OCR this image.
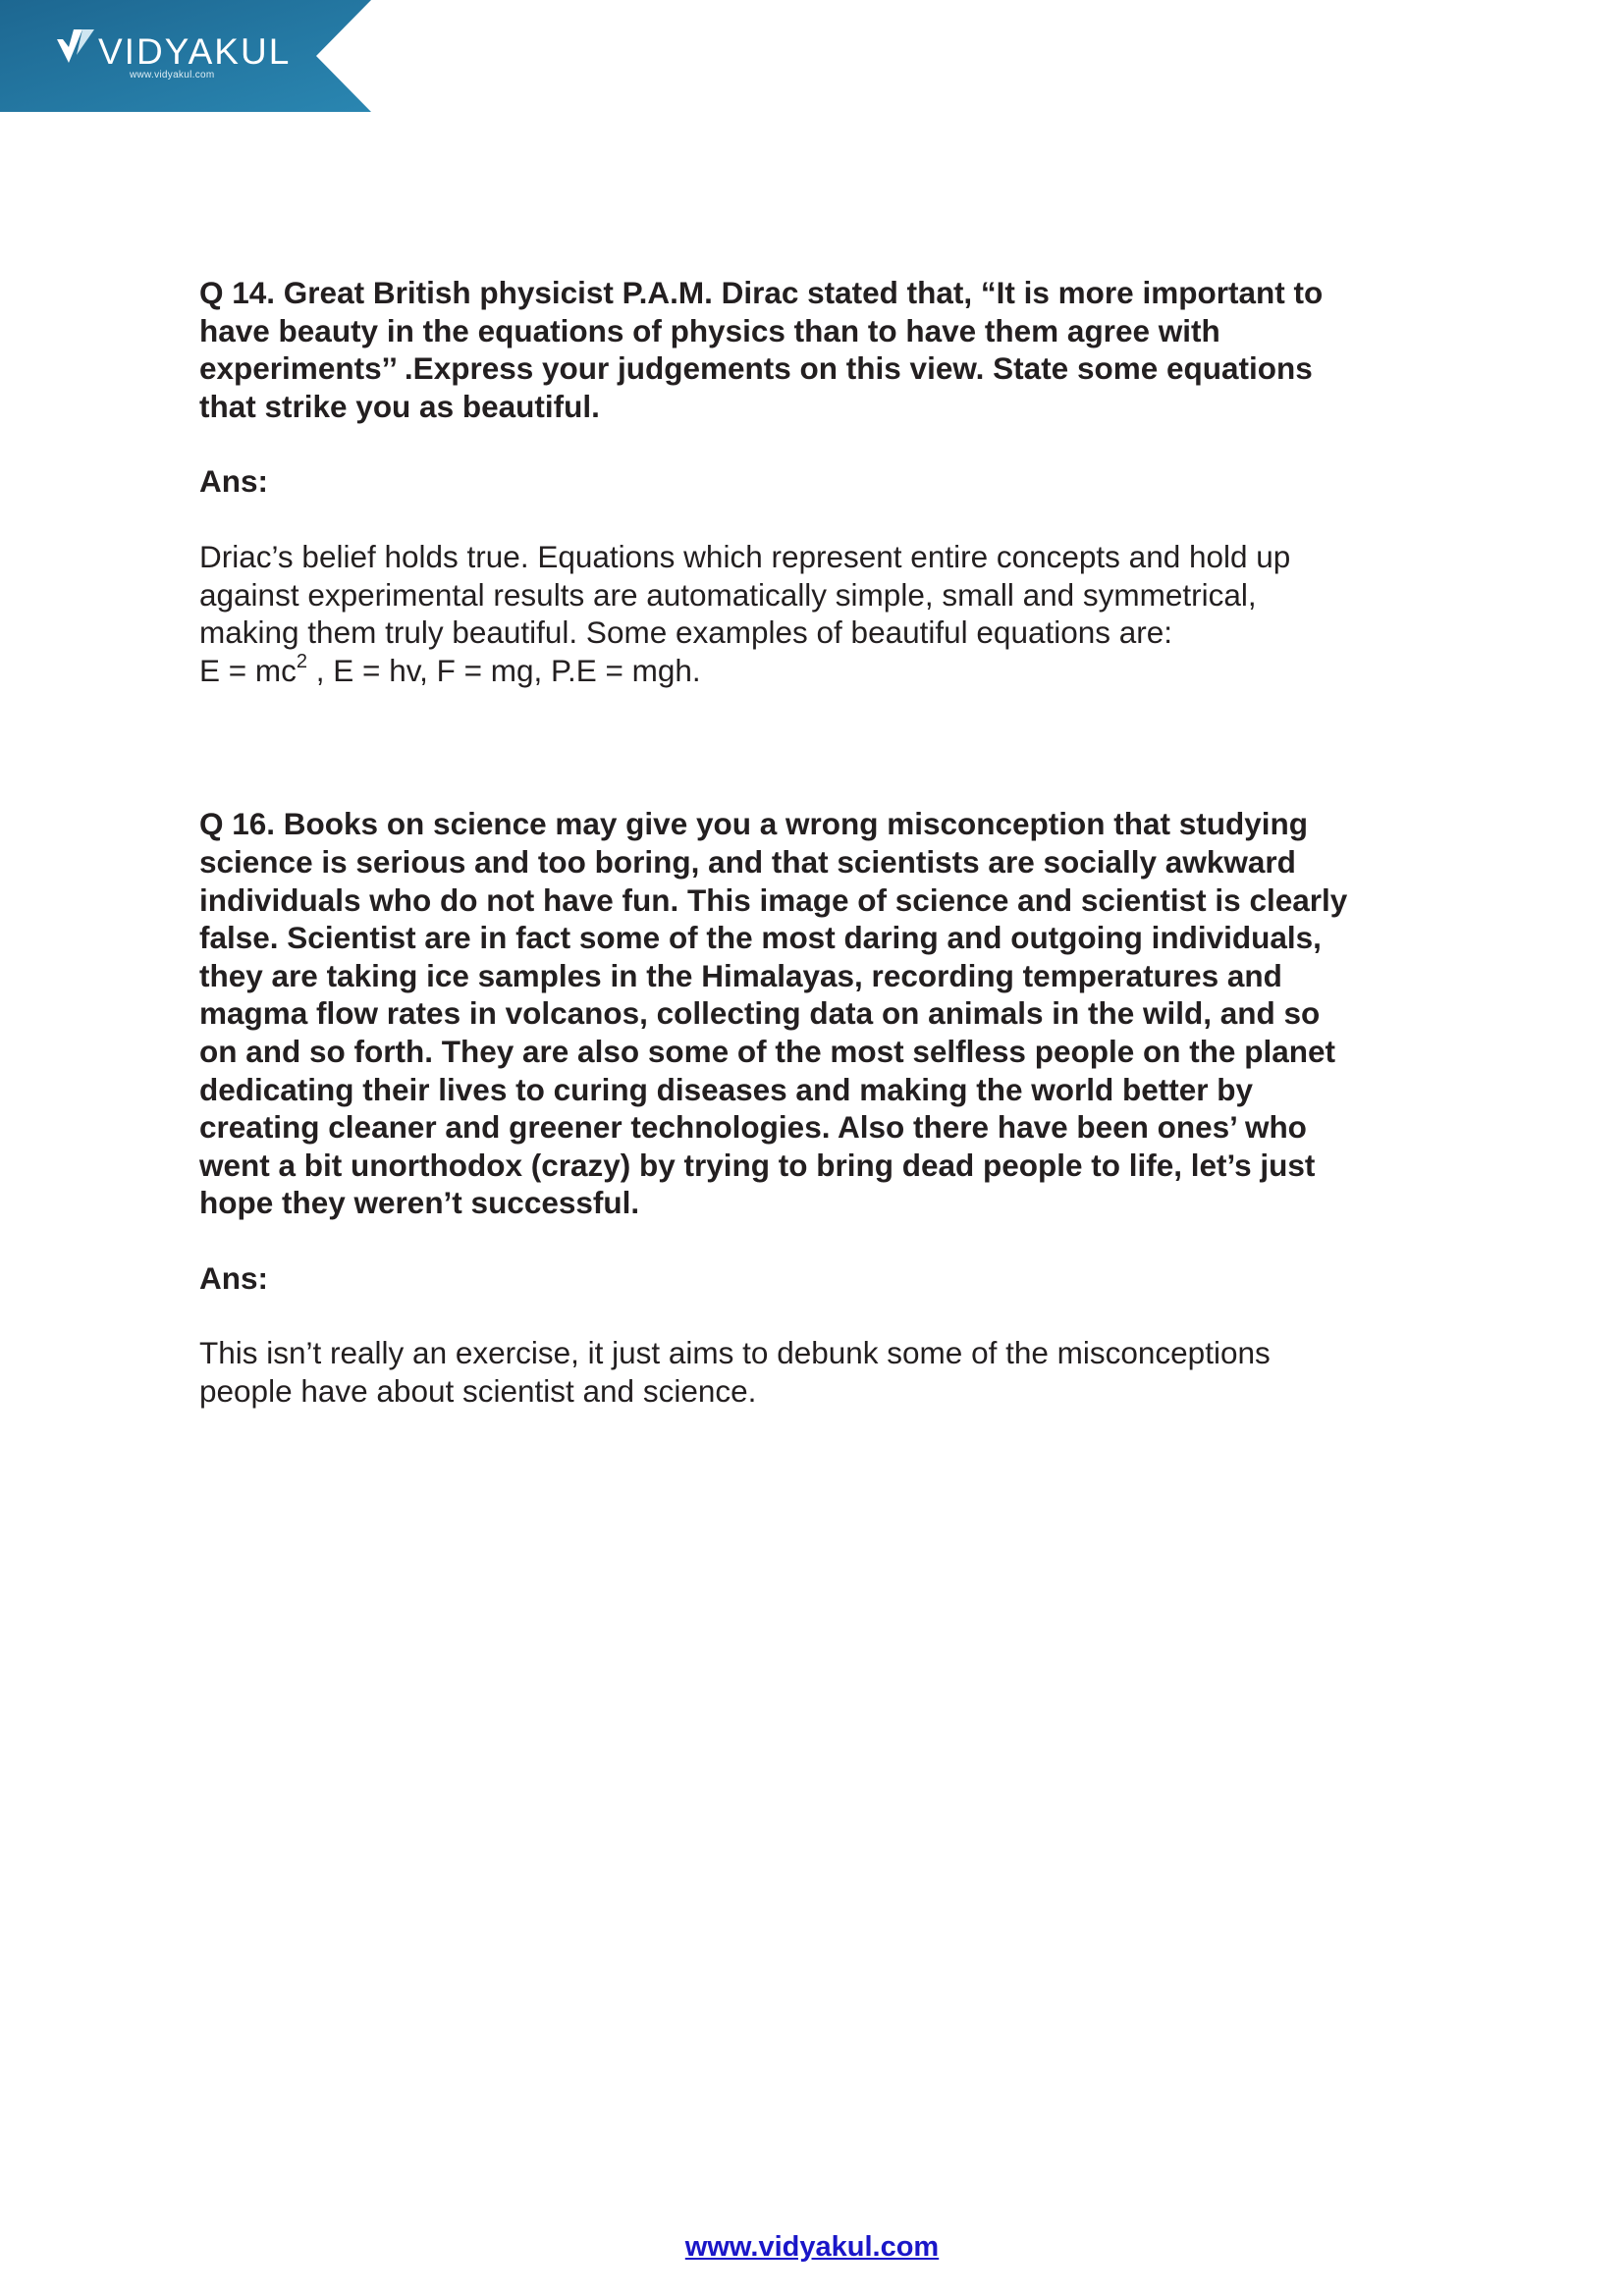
VIDYAKUL
www.vidyakul.com

Q 14. Great British physicist P.A.M. Dirac stated that, “It is more important to
have beauty in the equations of physics than to have them agree with
experiments’’ .Express your judgements on this view. State some equations
that strike you as beautiful.

Ans:

Driac’s belief holds true. Equations which represent entire concepts and hold up
against experimental results are automatically simple, small and symmetrical,
making them truly beautiful. Some examples of beautiful equations are:

$E = mc^2$ , E = hv, F = mg, P.E = mgh.

Q 16. Books on science may give you a wrong misconception that studying
science is serious and too boring, and that scientists are socially awkward
individuals who do not have fun. This image of science and scientist is clearly
false. Scientist are in fact some of the most daring and outgoing individuals,
they are taking ice samples in the Himalayas, recording temperatures and
magma flow rates in volcanos, collecting data on animals in the wild, and so
on and so forth. They are also some of the most selfless people on the planet
dedicating their lives to curing diseases and making the world better by
creating cleaner and greener technologies. Also there have been ones’ who
went a bit unorthodox (crazy) by trying to bring dead people to life, let’s just
hope they weren’t successful.

Ans:

This isn’t really an exercise, it just aims to debunk some of the misconceptions
people have about scientist and science.

www.vidyakul.com
